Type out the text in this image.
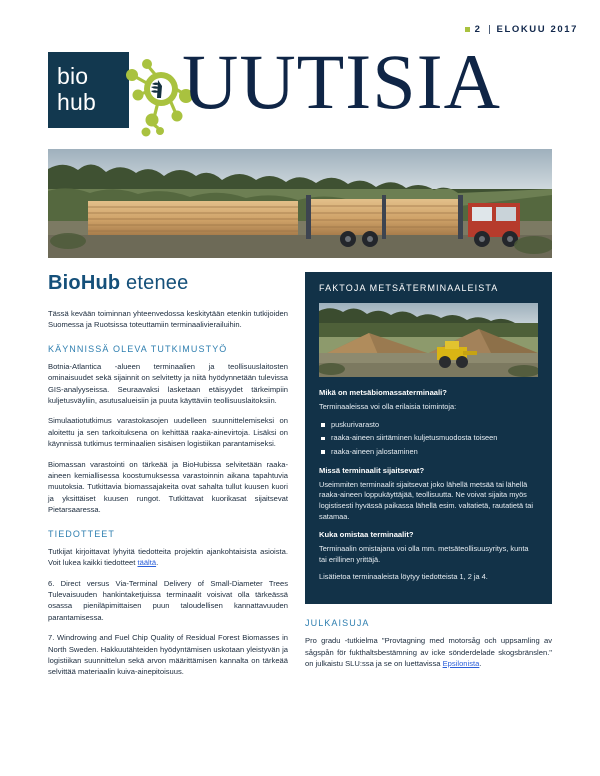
2 ELOKUU 2017
bio
hub	UUTISIA
BioHub etenee

Tässä kevään toiminnan yhteenvedossa keskitytään etenkin tutkijoiden Suomessa ja Ruotsissa toteuttamiin terminaalivierailuihin.

KÄYNNISSÄ OLEVA TUTKIMUSTYÖ

Botnia-Atlantica -alueen terminaalien ja teollisuuslaitosten ominaisuudet sekä sijainnit on selvitetty ja niitä hyödynnetään tulevissa GIS-analyyseissa. Seuraavaksi lasketaan etäisyydet tärkeimpiin kuljetusväyliin, asutusalueisiin ja puuta käyttäviin teollisuuslaitoksiin.

Simulaatiotutkimus varastokasojen uudelleen suunnittelemiseksi on aloitettu ja sen tarkoituksena on kehittää raaka-ainevirtoja. Lisäksi on käynnissä tutkimus terminaalien sisäisen logistiikan parantamiseksi.

Biomassan varastointi on tärkeää ja BioHubissa selvitetään raaka-aineen kemiallisessa koostumuksessa varastoinnin aikana tapahtuvia muutoksia. Tutkittavia biomassajakeita ovat sahalta tullut kuusen kuori ja yksittäiset kuusen rungot. Tutkittavat kuorikasat sijaitsevat Pietarsaaressa.

TIEDOTTEET

Tutkijat kirjoittavat lyhyitä tiedotteita projektin ajankohtaisista asioista. Voit lukea kaikki tiedotteet täältä.

6. Direct versus Via-Terminal Delivery of Small-Diameter Trees Tulevaisuuden hankintaketjuissa terminaalit voisivat olla tärkeässä osassa pieniläpimittaisen puun taloudellisen kannattavuuden parantamisessa.

7. Windrowing and Fuel Chip Quality of Residual Forest Biomasses in North Sweden. Hakkuutähteiden hyödyntämisen uskotaan yleistyvän ja logistiikan suunnittelun sekä arvon määrittämisen kannalta on tärkeää selvittää materiaalin kuiva-ainepitoisuus.

FAKTOJA METSÄTERMINAALEISTA
Mikä on metsäbiomassaterminaali?
Terminaaleissa voi olla erilaisia toimintoja:
puskurivarasto
raaka-aineen siirtäminen kuljetusmuodosta toiseen
raaka-aineen jalostaminen
Missä terminaalit sijaitsevat?
Useimmiten terminaalit sijaitsevat joko lähellä metsää tai lähellä raaka-aineen loppukäyttäjää, teollisuutta. Ne voivat sijaita myös logistisesti hyvässä paikassa lähellä esim. valtatietä, rautatietä tai satamaa.
Kuka omistaa terminaalit?
Terminaalin omistajana voi olla mm. metsäteollisuusyritys, kunta tai erillinen yrittäjä.
Lisätietoa terminaaleista löytyy tiedotteista 1, 2 ja 4.
JULKAISUJA

Pro gradu -tutkielma "Provtagning med motorsåg och uppsamling av sågspån för fukthaltsbestämning av icke sönderdelade skogsbränslen." on julkaistu SLU:ssa ja se on luettavissa Epsilonista.
